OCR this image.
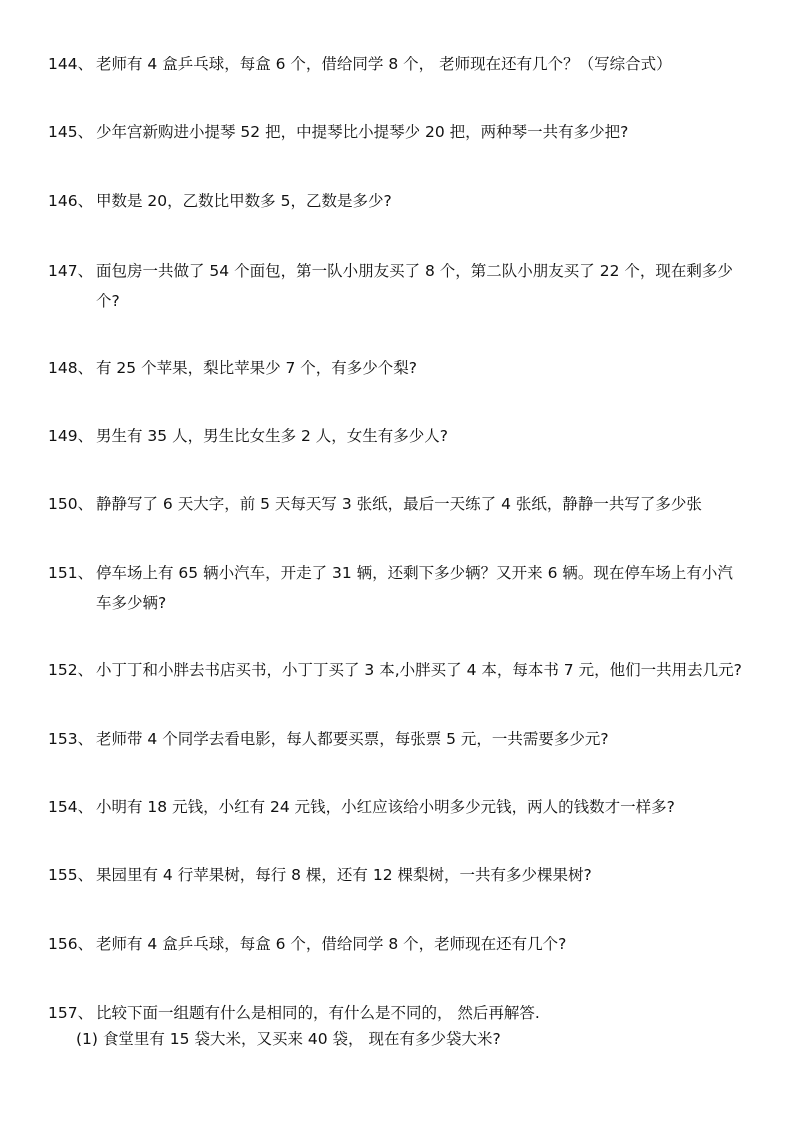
144、 老师有 4 盒乒乓球，每盒 6 个，借给同学 8 个， 老师现在还有几个？（写综合式）
145、 少年宫新购进小提琴 52 把，中提琴比小提琴少 20 把，两种琴一共有多少把?
146、 甲数是 20，乙数比甲数多 5，乙数是多少?
147、 面包房一共做了 54 个面包，第一队小朋友买了 8 个，第二队小朋友买了 22 个，现在剩多少
个?
148、 有 25 个苹果，梨比苹果少 7 个，有多少个梨?
149、 男生有 35 人，男生比女生多 2 人，女生有多少人?
150、 静静写了 6 天大字，前 5 天每天写 3 张纸，最后一天练了 4 张纸，静静一共写了多少张
151、 停车场上有 65 辆小汽车，开走了 31 辆，还剩下多少辆？又开来 6 辆。现在停车场上有小汽
车多少辆?
152、 小丁丁和小胖去书店买书，小丁丁买了 3 本,小胖买了 4 本，每本书 7 元，他们一共用去几元?
153、 老师带 4 个同学去看电影，每人都要买票，每张票 5 元，一共需要多少元?
154、 小明有 18 元钱，小红有 24 元钱，小红应该给小明多少元钱，两人的钱数才一样多?
155、 果园里有 4 行苹果树，每行 8 棵，还有 12 棵梨树，一共有多少棵果树?
156、 老师有 4 盒乒乓球，每盒 6 个，借给同学 8 个，老师现在还有几个?
157、 比较下面一组题有什么是相同的，有什么是不同的， 然后再解答.
(1) 食堂里有 15 袋大米，又买来 40 袋， 现在有多少袋大米?
